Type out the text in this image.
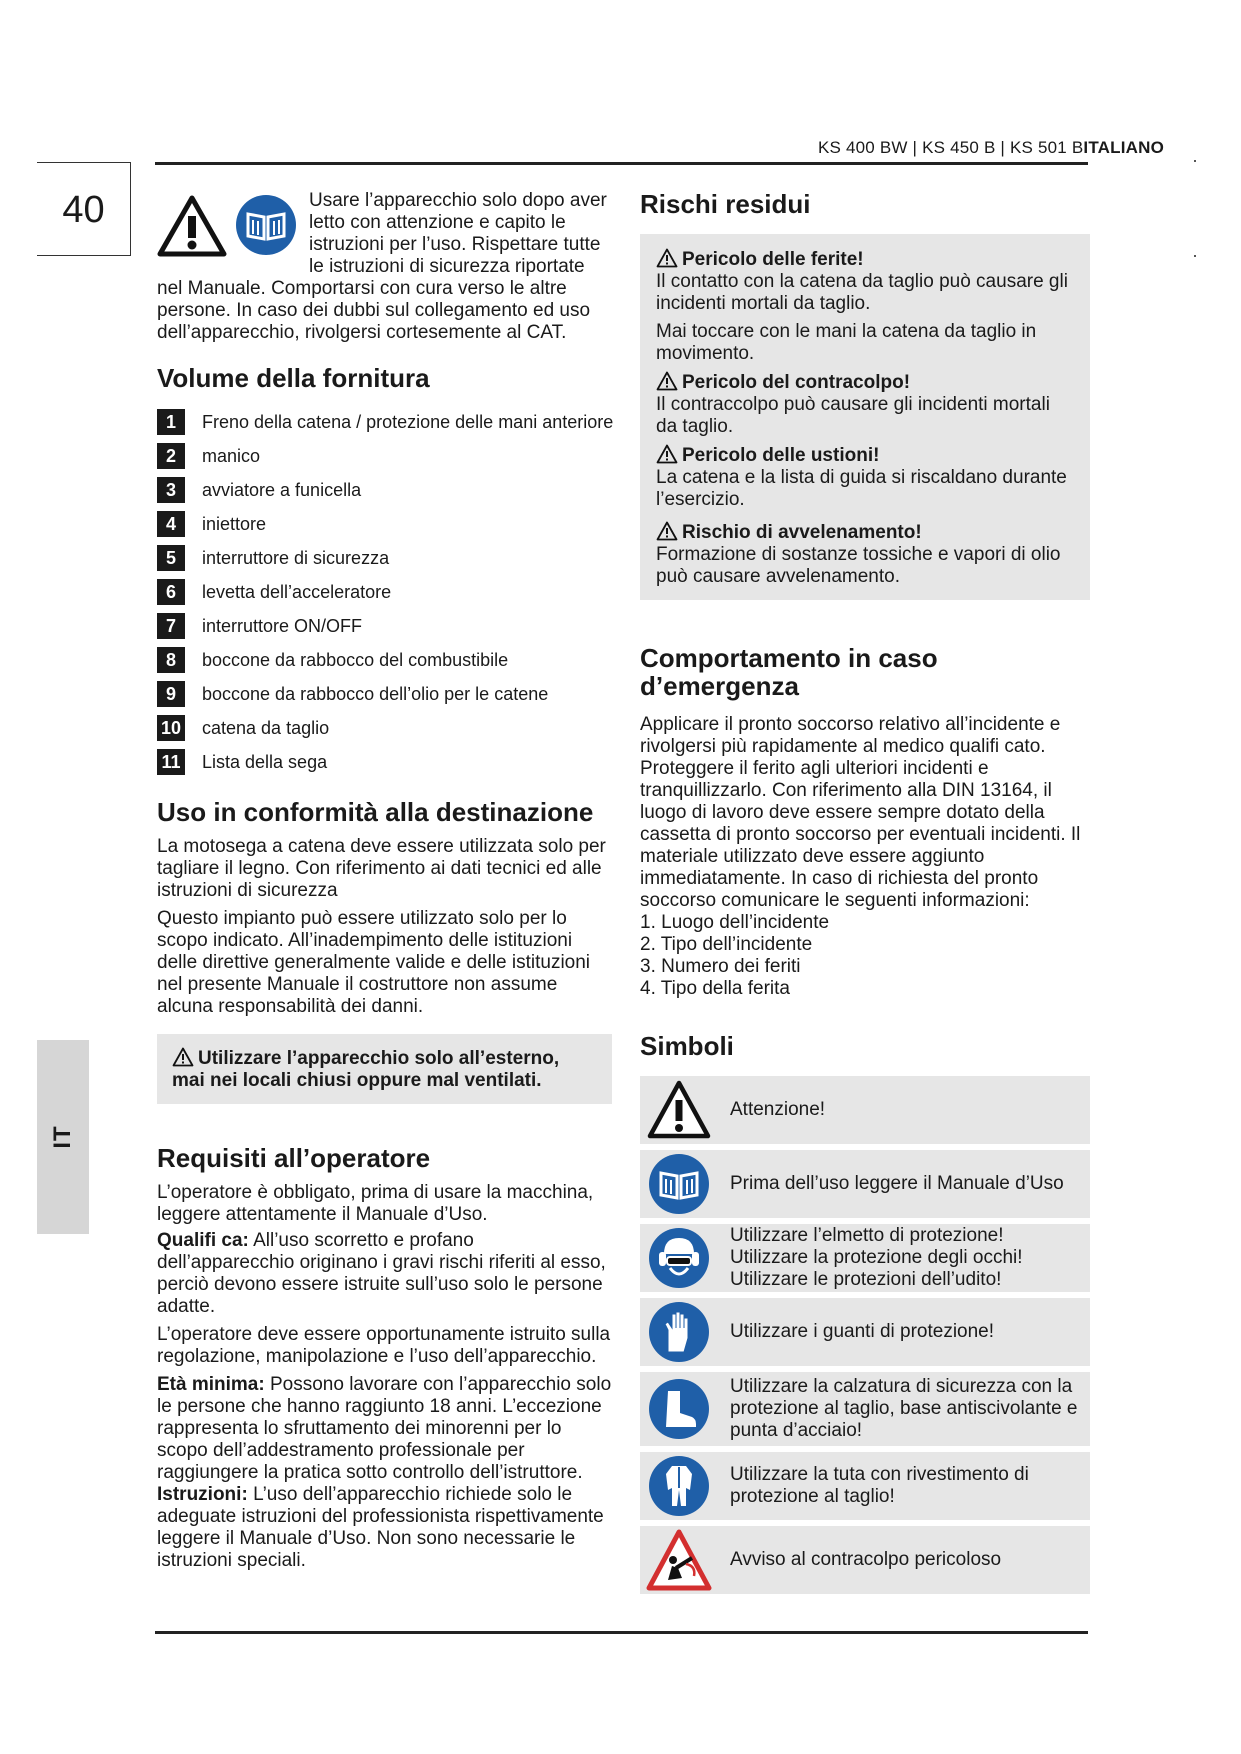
KS 400 BW | KS 450 B | KS 501 BITALIANO
40
IT

Usare l’apparecchio solo dopo aver letto con attenzione e capito le istruzioni per l’uso. Rispettare tutte le istruzioni di sicurezza riportate nel Manuale. Comportarsi con cura verso le altre persone. In caso dei dubbi sul collegamento ed uso dell’apparecchio, rivolgersi cortesemente al CAT.

Volume della fornitura
1	Freno della catena / protezione delle mani anteriore
2	manico
3	avviatore a funicella
4	iniettore
5	interruttore di sicurezza
6	levetta dell’acceleratore
7	interruttore ON/OFF
8	boccone da rabbocco del combustibile
9	boccone da rabbocco dell’olio per le catene
10 catena da taglio
11 Lista della sega
Uso in conformità alla destinazione

La motosega a catena deve essere utilizzata solo per tagliare il legno. Con riferimento ai dati tecnici ed alle istruzioni di sicurezza

Questo impianto può essere utilizzato solo per lo scopo indicato. All’inadempimento delle istituzioni delle direttive generalmente valide e delle istituzioni nel presente Manuale il costruttore non assume alcuna responsabilità dei danni.

Utilizzare l’apparecchio solo all’esterno, mai nei locali chiusi oppure mal ventilati.

Requisiti all’operatore

L’operatore è obbligato, prima di usare la macchina, leggere attentamente il Manuale d’Uso.

Qualifi ca: All’uso scorretto e profano dell’apparecchio originano i gravi rischi riferiti al esso, perciò devono essere istruite sull’uso solo le persone adatte.

L’operatore deve essere opportunamente istruito sulla regolazione, manipolazione e l’uso dell’apparecchio.

Età minima: Possono lavorare con l’apparecchio solo le persone che hanno raggiunto 18 anni. L’eccezione rappresenta lo sfruttamento dei minorenni per lo scopo dell’addestramento professionale per raggiungere la pratica sotto controllo dell’istruttore.

Istruzioni: L’uso dell’apparecchio richiede solo le adeguate istruzioni del professionista rispettivamente leggere il Manuale d’Uso. Non sono necessarie le istruzioni speciali.

Rischi residui

Pericolo delle ferite!

Il contatto con la catena da taglio può causare gli incidenti mortali da taglio.

Mai toccare con le mani la catena da taglio in movimento.

Pericolo del contracolpo!

Il contraccolpo può causare gli incidenti mortali da taglio.

Pericolo delle ustioni!

La catena e la lista di guida si riscaldano durante l’esercizio.

Rischio di avvelenamento!

Formazione di sostanze tossiche e vapori di olio può causare avvelenamento.

Comportamento in caso
d’emergenza

Applicare il pronto soccorso relativo all’incidente e rivolgersi più rapidamente al medico qualifi cato. Proteggere il ferito agli ulteriori incidenti e tranquillizzarlo. Con riferimento alla DIN 13164, il luogo di lavoro deve essere sempre dotato della cassetta di pronto soccorso per eventuali incidenti. Il materiale utilizzato deve essere aggiunto immediatamente. In caso di richiesta del pronto soccorso comunicare le seguenti informazioni:

1. Luogo dell’incidente

2. Tipo dell’incidente

3. Numero dei feriti

4. Tipo della ferita

Simboli
Attenzione!
Prima dell’uso leggere il Manuale d’Uso
Utilizzare l’elmetto di protezione!
Utilizzare la protezione degli occhi!
Utilizzare le protezioni dell’udito!
Utilizzare i guanti di protezione!
Utilizzare la calzatura di sicurezza con la
protezione al taglio, base antiscivolante e
punta d’acciaio!
Utilizzare la tuta con rivestimento di
protezione al taglio!
Avviso al contracolpo pericoloso
